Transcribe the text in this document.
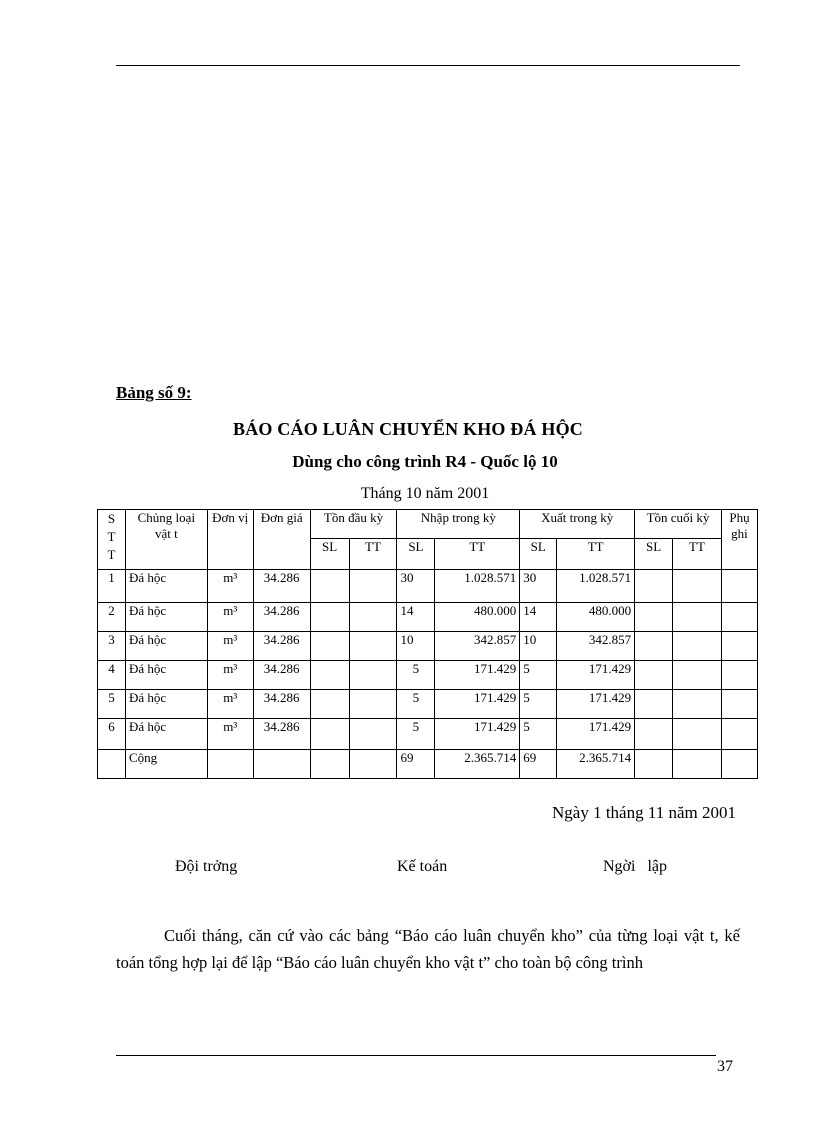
Bảng số 9:
BÁO CÁO LUÂN CHUYỂN KHO ĐÁ HỘC
Dùng cho công trình R4 - Quốc lộ 10
Tháng 10 năm 2001
S T T	Chủng loại vật t	Đơn vị	Đơn giá	Tồn đầu kỳ		Nhập trong kỳ		Xuất trong kỳ		Tồn cuối kỳ		Phụ ghi
				SL	TT	SL	TT	SL	TT	SL	TT	
1	Đá hộc	m³	34.286			30	1.028.571	30	1.028.571			
2	Đá hộc	m³	34.286			14	480.000	14	480.000			
3	Đá hộc	m³	34.286			10	342.857	10	342.857			
4	Đá hộc	m³	34.286			5	171.429	5	171.429			
5	Đá hộc	m³	34.286			5	171.429	5	171.429			
6	Đá hộc	m³	34.286			5	171.429	5	171.429			
	Cộng					69	2.365.714	69	2.365.714			
Ngày 1 tháng 11 năm 2001
Đội trởng	Kế toán	Ngời   lập
Cuối tháng, căn cứ vào các bảng “Báo cáo luân chuyển kho” của từng loại vật t, kế toán tổng hợp lại để lập “Báo cáo luân chuyển kho vật t” cho toàn bộ công trình
37
